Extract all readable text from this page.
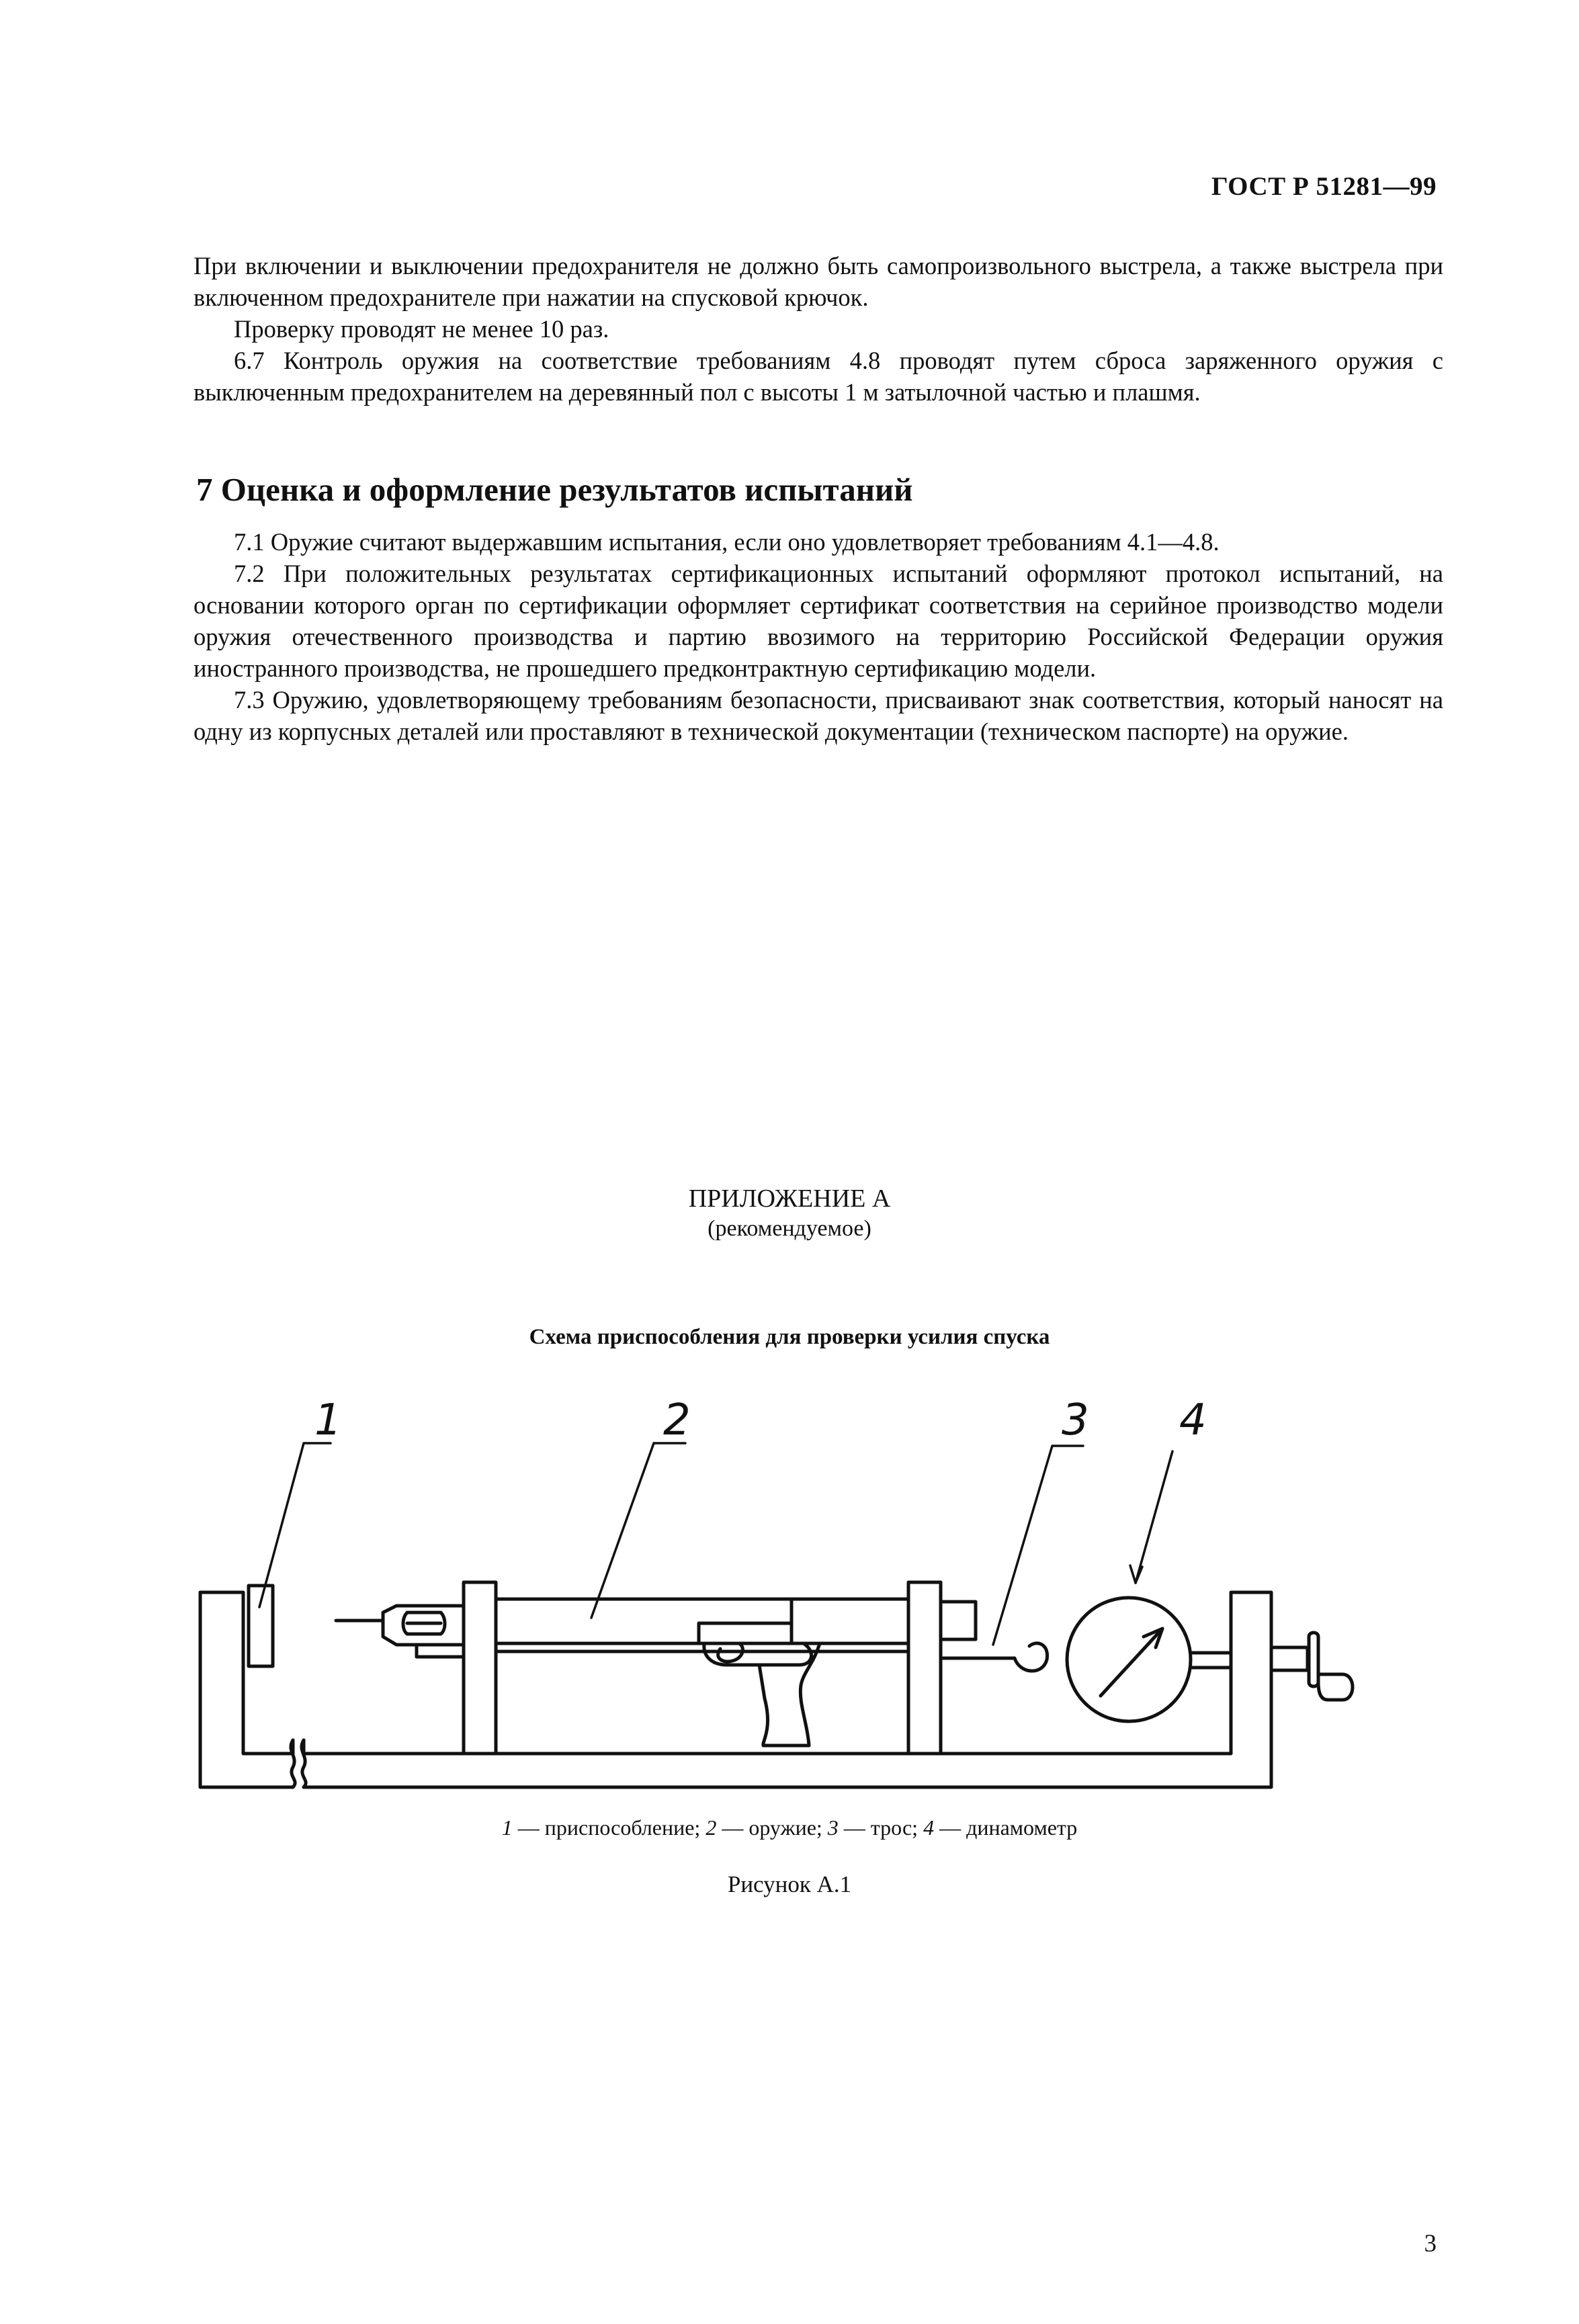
ГОСТ Р 51281—99

При включении и выключении предохранителя не должно быть самопроизвольного выстрела, а также выстрела при включенном предохранителе при нажатии на спусковой крючок.

Проверку проводят не менее 10 раз.

6.7 Контроль оружия на соответствие требованиям 4.8 проводят путем сброса заряженного оружия с выключенным предохранителем на деревянный пол с высоты 1 м затылочной частью и плашмя.

7 Оценка и оформление результатов испытаний

7.1 Оружие считают выдержавшим испытания, если оно удовлетворяет требованиям 4.1—4.8.

7.2 При положительных результатах сертификационных испытаний оформляют протокол испытаний, на основании которого орган по сертификации оформляет сертификат соответствия на серийное производство модели оружия отечественного производства и партию ввозимого на территорию Российской Федерации оружия иностранного производства, не прошедшего предконтрактную сертификацию модели.

7.3 Оружию, удовлетворяющему требованиям безопасности, присваивают знак соответствия, который наносят на одну из корпусных деталей или проставляют в технической документации (техническом паспорте) на оружие.

ПРИЛОЖЕНИЕ А
(рекомендуемое)
Схема приспособления для проверки усилия спуска
1	2	3 4
1 — приспособление; 2 — оружие; 3 — трос; 4 — динамометр
Рисунок А.1
3
